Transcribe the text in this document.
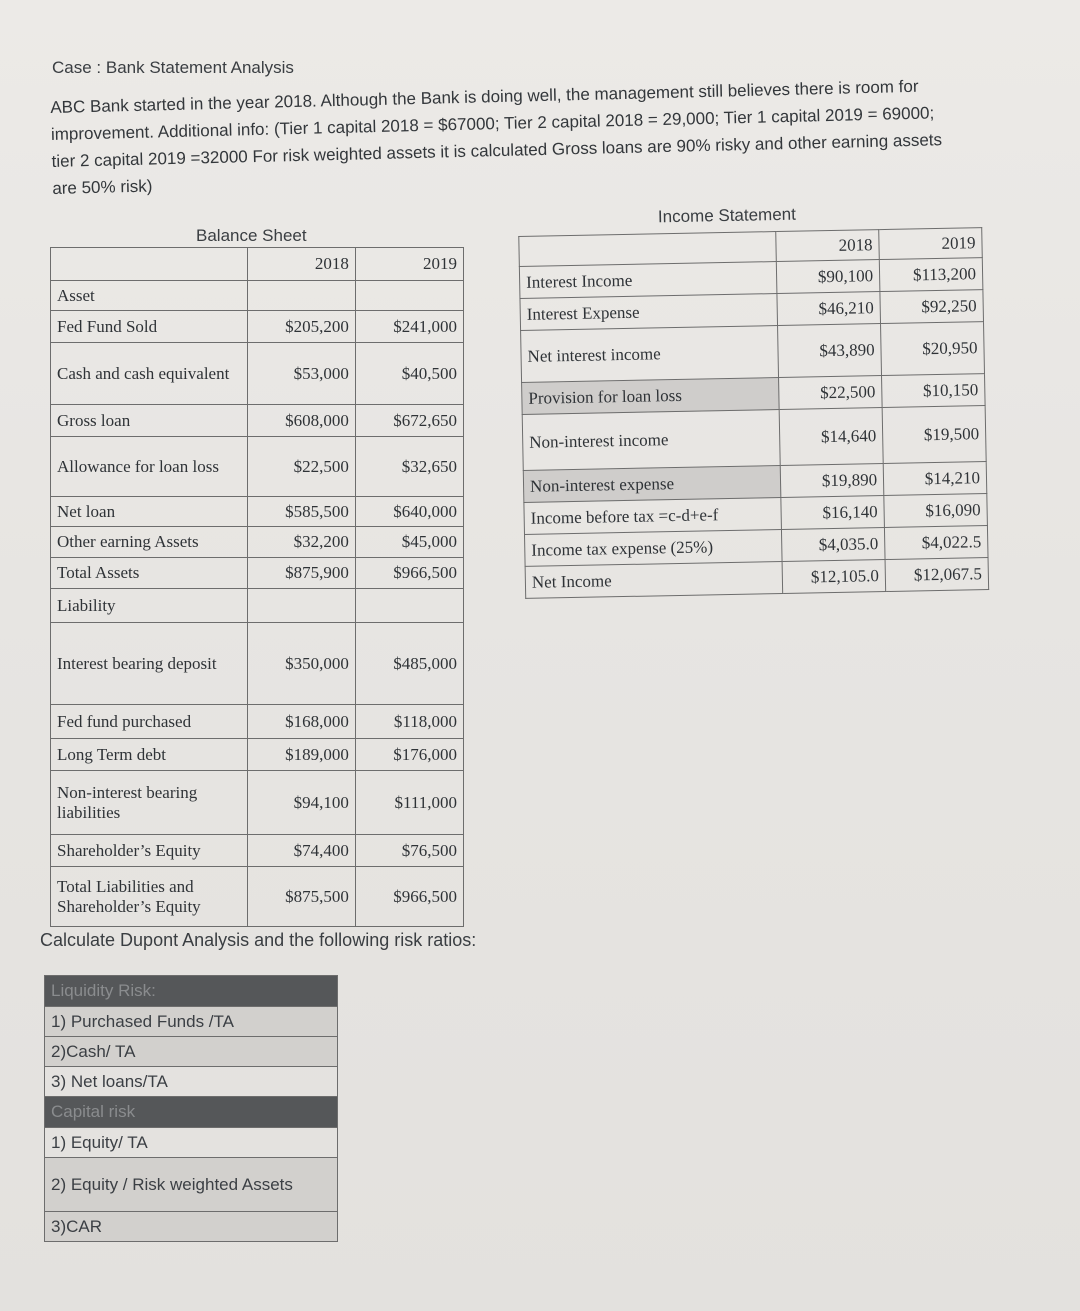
Case : Bank Statement Analysis
ABC Bank started in the year 2018. Although the Bank is doing well, the management still believes there is room for improvement. Additional info: (Tier 1 capital 2018 = $67000; Tier 2 capital 2018 = 29,000; Tier 1 capital 2019 = 69000; tier 2 capital 2019 =32000 For risk weighted assets it is calculated Gross loans are 90% risky and other earning assets are 50% risk)
Balance Sheet
	2018	2019
Asset		
Fed Fund Sold	$205,200	$241,000
Cash and cash equivalent	$53,000	$40,500
Gross loan	$608,000	$672,650
Allowance for loan loss	$22,500	$32,650
Net loan	$585,500	$640,000
Other earning Assets	$32,200	$45,000
Total Assets	$875,900	$966,500
Liability		
Interest bearing deposit	$350,000	$485,000
Fed fund purchased	$168,000	$118,000
Long Term debt	$189,000	$176,000
Non-interest bearing liabilities	$94,100	$111,000
Shareholder’s Equity	$74,400	$76,500
Total Liabilities and Shareholder’s Equity	$875,500	$966,500
Income Statement
	2018	2019
Interest Income	$90,100	$113,200
Interest Expense	$46,210	$92,250
Net interest income	$43,890	$20,950
Provision for loan loss	$22,500	$10,150
Non-interest income	$14,640	$19,500
Non-interest expense	$19,890	$14,210
Income before tax =c-d+e-f	$16,140	$16,090
Income tax expense (25%)	$4,035.0	$4,022.5
Net Income	$12,105.0	$12,067.5
Calculate Dupont Analysis and the following risk ratios:
Liquidity Risk:
1) Purchased Funds /TA
2)Cash/ TA
3) Net loans/TA
Capital risk
1) Equity/ TA
2) Equity / Risk weighted Assets
3)CAR
